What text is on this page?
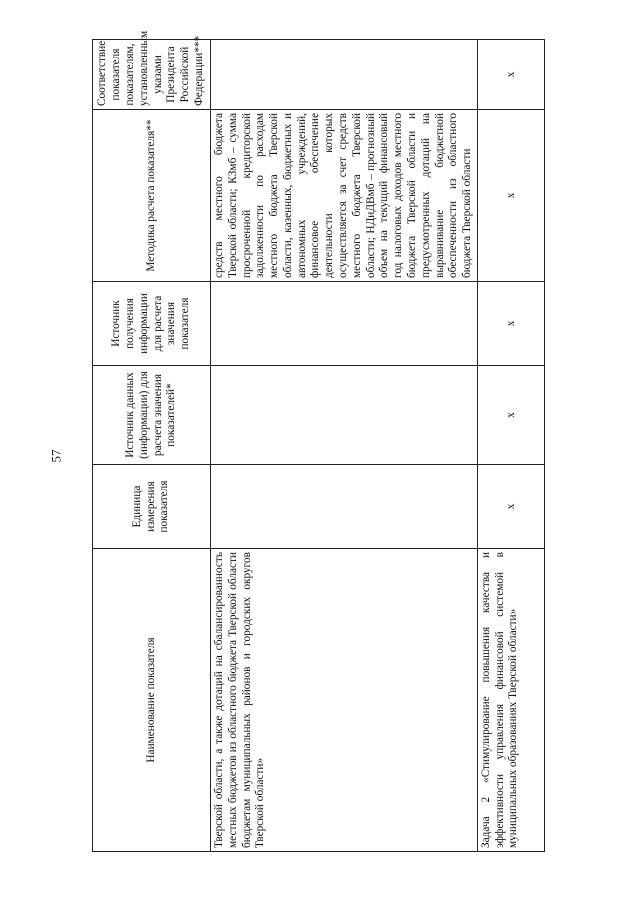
57
Наименование показателя	Единица измерения показателя	Источник данных (информации) для расчета значения показателей*	Источник получения информации для расчета значения показателя	Методика расчета показателя**	Соответствие показателя показателям, установленным указами Президента Российской Федерации***
Тверской области, а также дотаций на сбалансированность местных бюджетов из областного бюджета Тверской области бюджетам муниципальных районов и городских округов Тверской области»				средств местного бюджета Тверской области; КЗмб – сумма просроченной кредиторской задолженности по расходам местного бюджета Тверской области, казенных, бюджетных и автономных учреждений, финансовое обеспечение деятельности которых осуществляется за счет средств местного бюджета Тверской области; НДиДВмб – прогнозный объем на текущий финансовый год налоговых доходов местного бюджета Тверской области и предусмотренных дотаций на выравнивание бюджетной обеспеченности из областного бюджета Тверской области	
Задача 2 «Стимулирование повышения качества и эффективности управления финансовой системой в муниципальных образованиях Тверской области»	х	х	х	х	х
